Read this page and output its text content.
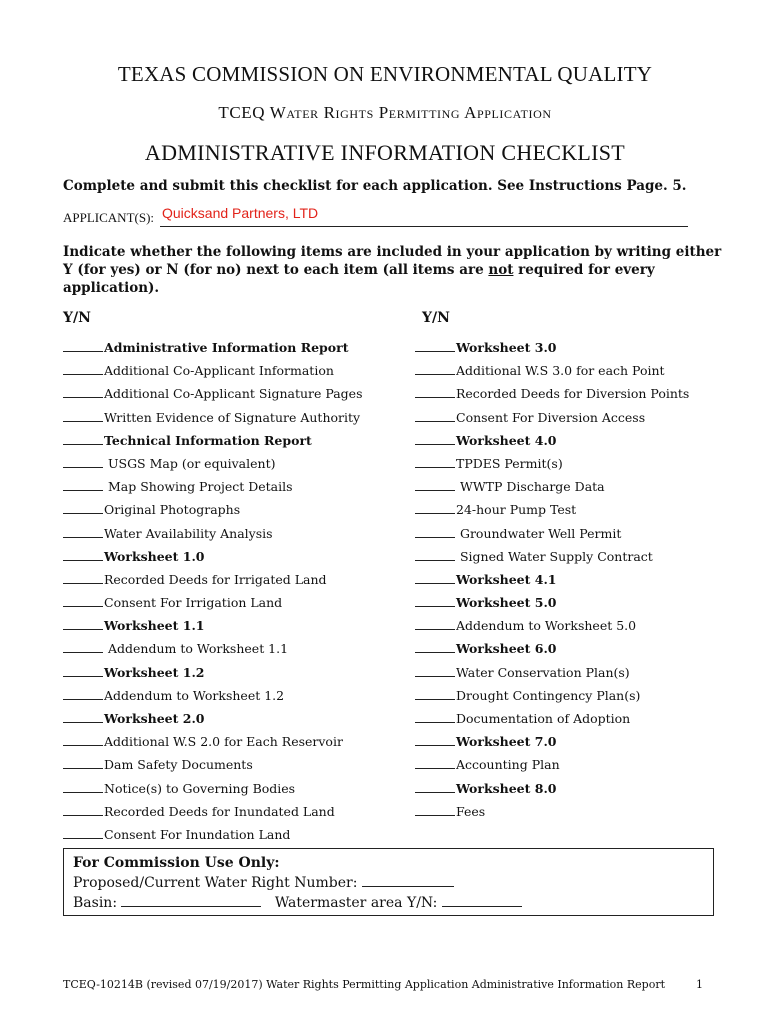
TEXAS COMMISSION ON ENVIRONMENTAL QUALITY
TCEQ Water Rights Permitting Application
ADMINISTRATIVE INFORMATION CHECKLIST
Complete and submit this checklist for each application. See Instructions Page. 5.
APPLICANT(S): Quicksand Partners, LTD
Indicate whether the following items are included in your application by writing either Y (for yes) or N (for no) next to each item (all items are not required for every application).
Y/N	Y/N
Administrative Information Report
Additional Co-Applicant Information
Additional Co-Applicant Signature Pages
Written Evidence of Signature Authority
Technical Information Report
USGS Map (or equivalent)
Map Showing Project Details
Original Photographs
Water Availability Analysis
Worksheet 1.0
Recorded Deeds for Irrigated Land
Consent For Irrigation Land
Worksheet 1.1
Addendum to Worksheet 1.1
Worksheet 1.2
Addendum to Worksheet 1.2
Worksheet 2.0
Additional W.S 2.0 for Each Reservoir
Dam Safety Documents
Notice(s) to Governing Bodies
Recorded Deeds for Inundated Land
Consent For Inundation Land
Worksheet 3.0
Additional W.S 3.0 for each Point
Recorded Deeds for Diversion Points
Consent For Diversion Access
Worksheet 4.0
TPDES Permit(s)
WWTP Discharge Data
24-hour Pump Test
Groundwater Well Permit
Signed Water Supply Contract
Worksheet 4.1
Worksheet 5.0
Addendum to Worksheet 5.0
Worksheet 6.0
Water Conservation Plan(s)
Drought Contingency Plan(s)
Documentation of Adoption
Worksheet 7.0
Accounting Plan
Worksheet 8.0
Fees
For Commission Use Only:
Proposed/Current Water Right Number:
Basin:	Watermaster area Y/N:
TCEQ-10214B (revised 07/19/2017) Water Rights Permitting Application Administrative Information Report	1
